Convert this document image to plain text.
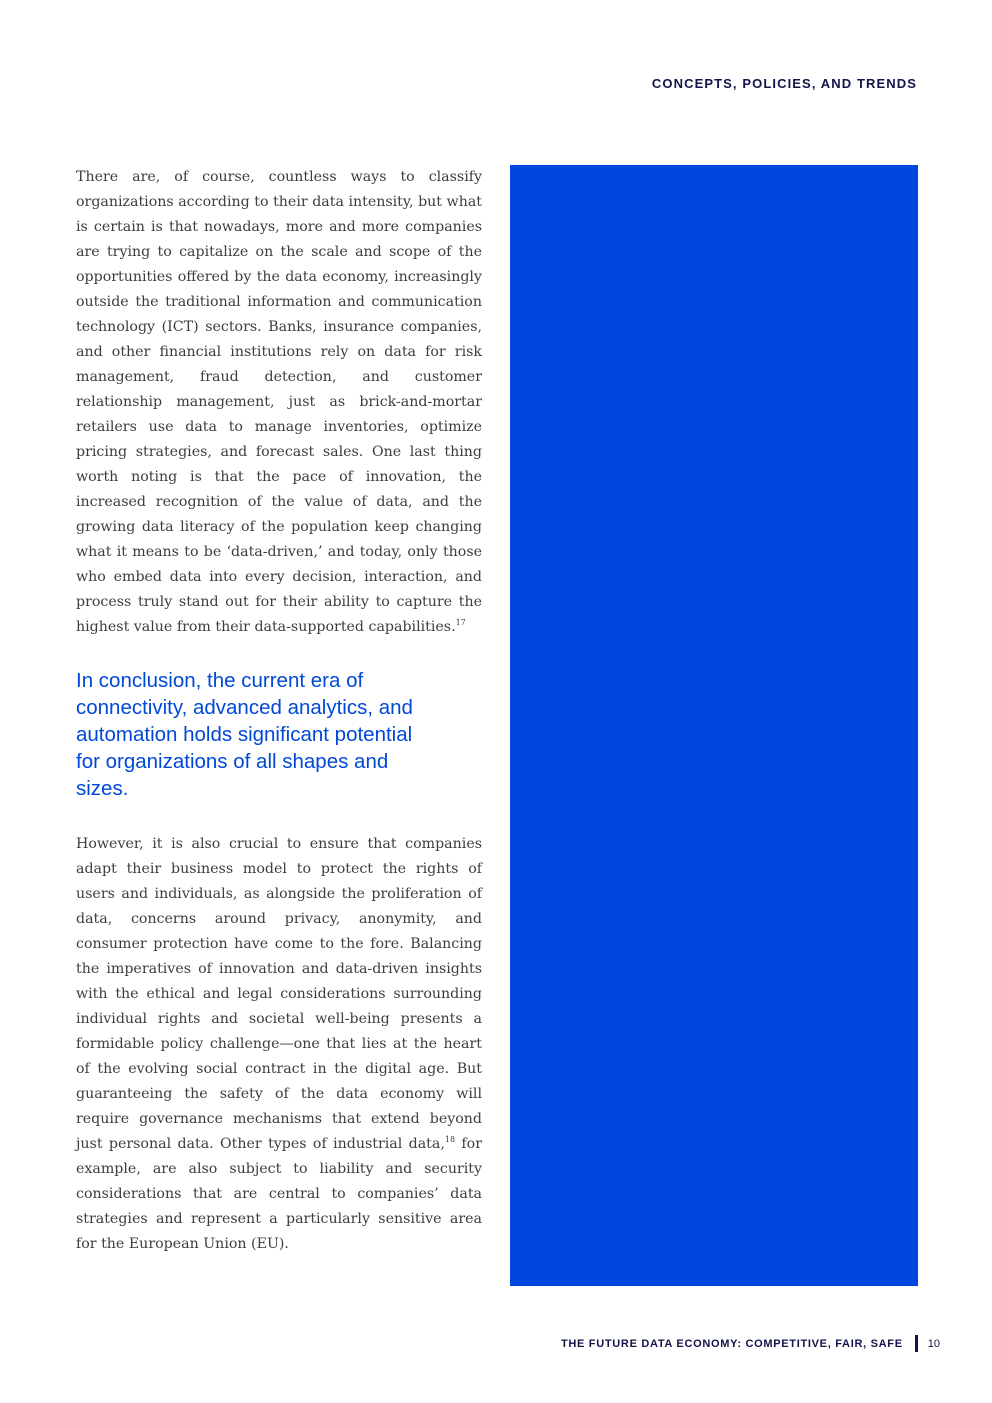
CONCEPTS, POLICIES, AND TRENDS

There are, of course, countless ways to classify organizations according to their data intensity, but what is certain is that nowadays, more and more companies are trying to capitalize on the scale and scope of the opportunities offered by the data economy, increasingly outside the traditional information and communication technology (ICT) sectors. Banks, insurance companies, and other financial institutions rely on data for risk management, fraud detection, and customer relationship management, just as brick-and-mortar retailers use data to manage inventories, optimize pricing strategies, and forecast sales. One last thing worth noting is that the pace of innovation, the increased recognition of the value of data, and the growing data literacy of the population keep changing what it means to be ‘data-driven,’ and today, only those who embed data into every decision, interaction, and process truly stand out for their ability to capture the highest value from their data-supported capabilities.$^{17}$

In conclusion, the current era of connectivity, advanced analytics, and automation holds significant potential for organizations of all shapes and sizes.

However, it is also crucial to ensure that companies adapt their business model to protect the rights of users and individuals, as alongside the proliferation of data, concerns around privacy, anonymity, and consumer protection have come to the fore. Balancing the imperatives of innovation and data-driven insights with the ethical and legal considerations surrounding individual rights and societal well-being presents a formidable policy challenge—one that lies at the heart of the evolving social contract in the digital age. But guaranteeing the safety of the data economy will require governance mechanisms that extend beyond just personal data. Other types of industrial data,$^{18}$ for example, are also subject to liability and security considerations that are central to companies’ data strategies and represent a particularly sensitive area for the European Union (EU).

THE FUTURE DATA ECONOMY: COMPETITIVE, FAIR, SAFE 10
